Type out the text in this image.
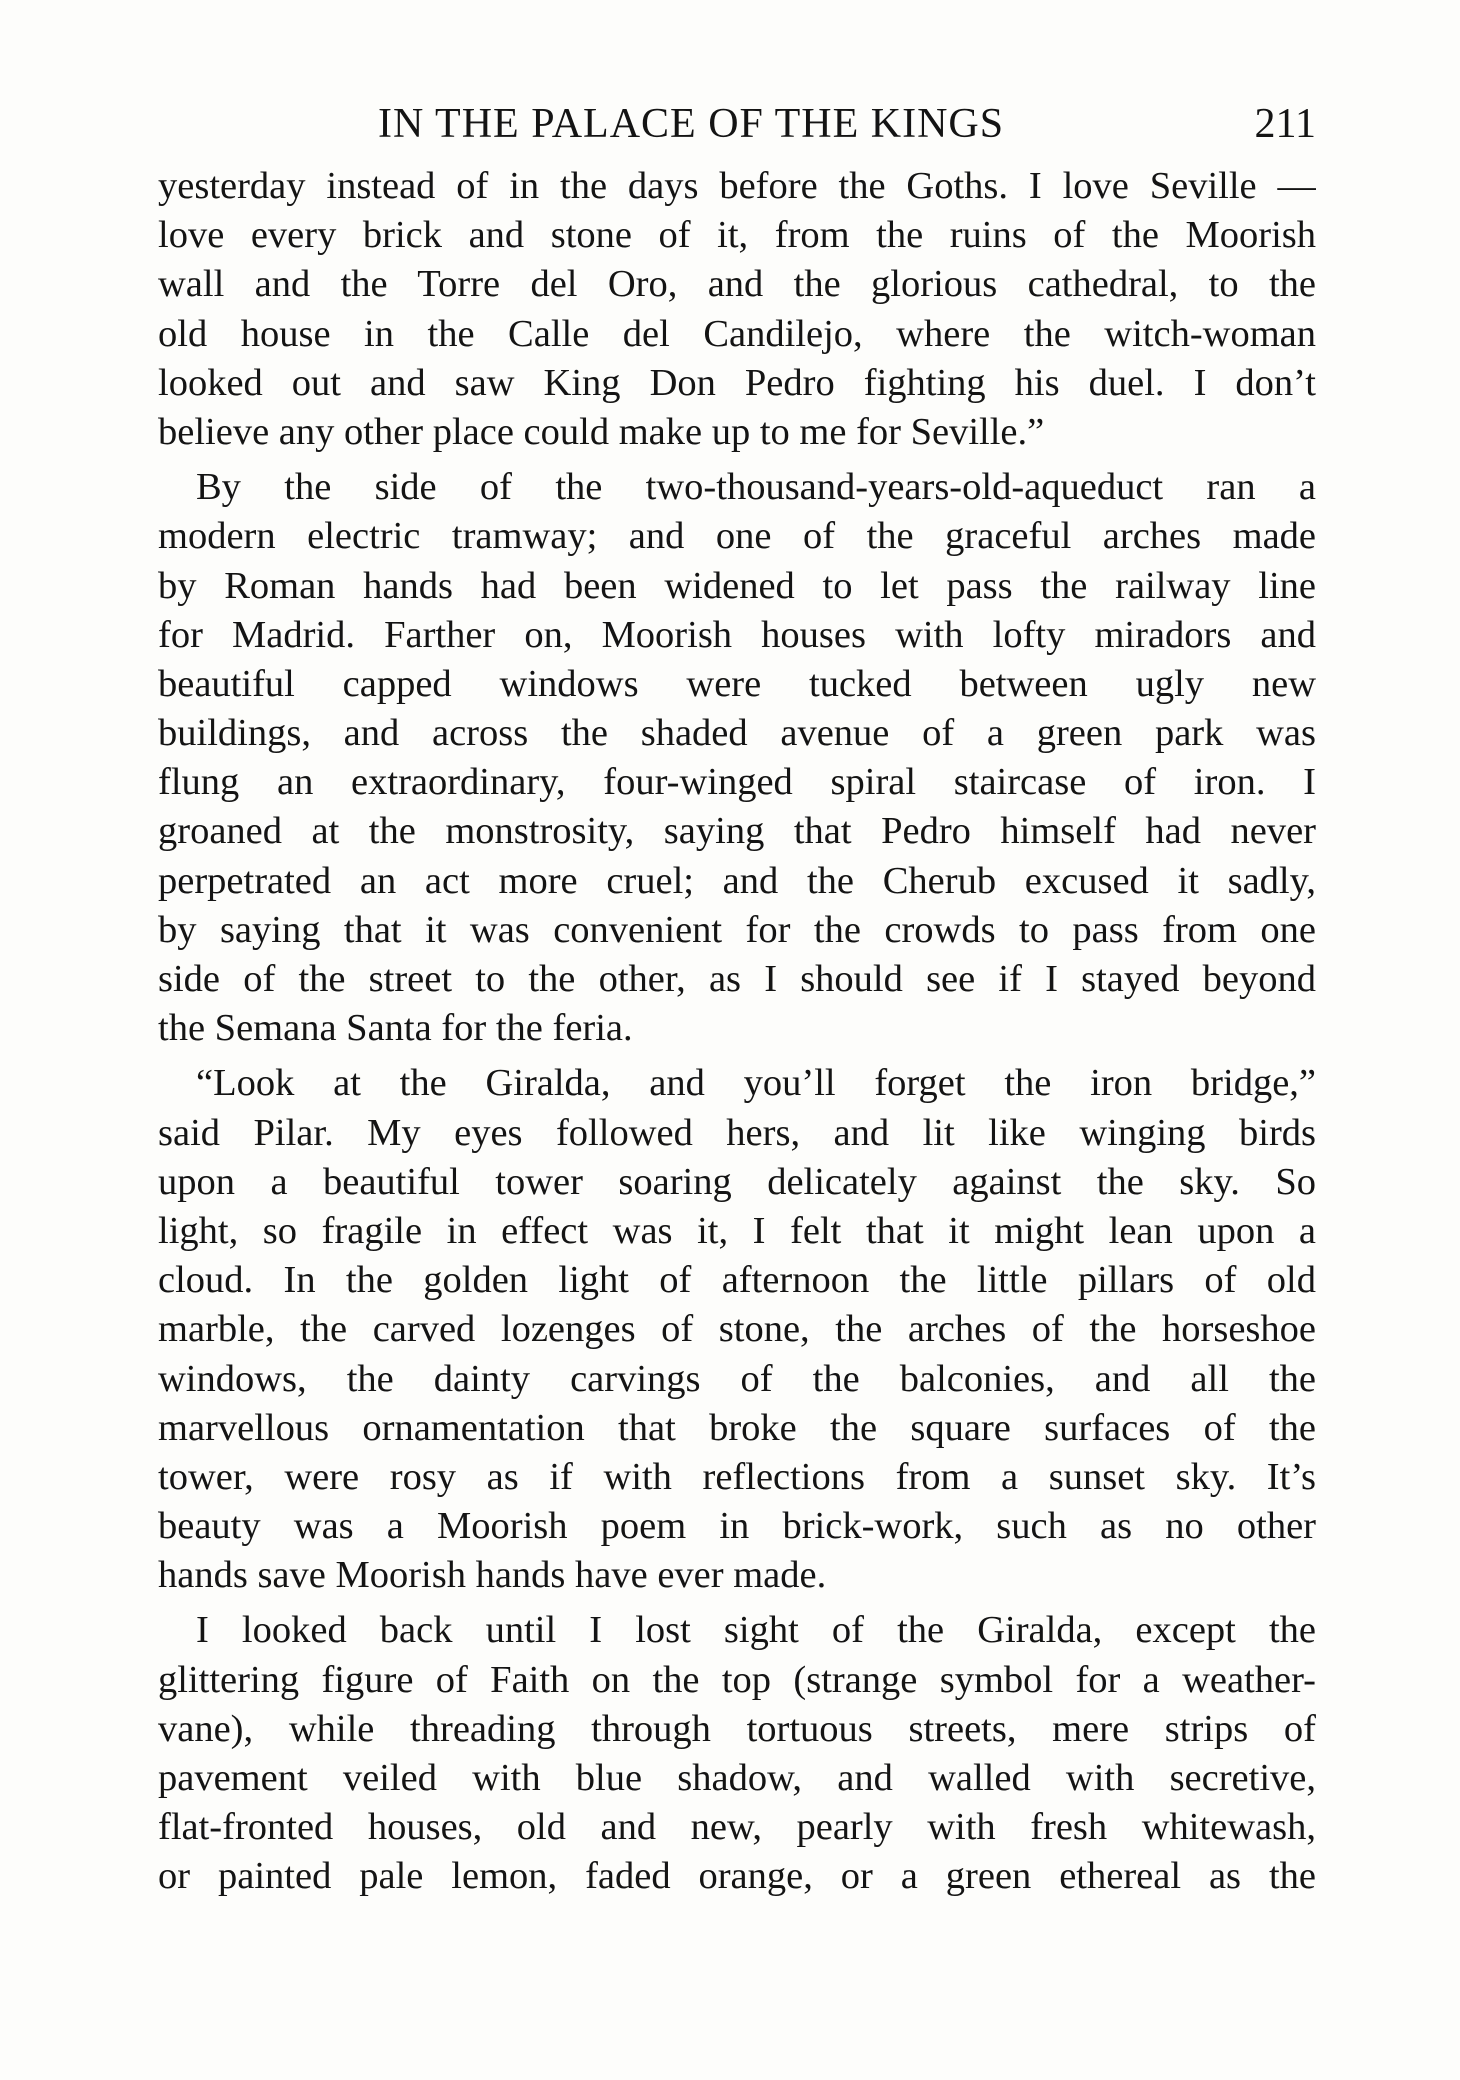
IN THE PALACE OF THE KINGS	211
yesterday instead of in the days before the Goths. I love Seville —
love every brick and stone of it, from the ruins of the Moorish
wall and the Torre del Oro, and the glorious cathedral, to the
old house in the Calle del Candilejo, where the witch-woman
looked out and saw King Don Pedro fighting his duel. I don’t
believe any other place could make up to me for Seville.”
By the side of the two-thousand-years-old-aqueduct ran a
modern electric tramway; and one of the graceful arches made
by Roman hands had been widened to let pass the railway line
for Madrid. Farther on, Moorish houses with lofty miradors and
beautiful capped windows were tucked between ugly new
buildings, and across the shaded avenue of a green park was
flung an extraordinary, four-winged spiral staircase of iron. I
groaned at the monstrosity, saying that Pedro himself had never
perpetrated an act more cruel; and the Cherub excused it sadly,
by saying that it was convenient for the crowds to pass from one
side of the street to the other, as I should see if I stayed beyond
the Semana Santa for the feria.
“Look at the Giralda, and you’ll forget the iron bridge,”
said Pilar. My eyes followed hers, and lit like winging birds
upon a beautiful tower soaring delicately against the sky. So
light, so fragile in effect was it, I felt that it might lean upon a
cloud. In the golden light of afternoon the little pillars of old
marble, the carved lozenges of stone, the arches of the horseshoe
windows, the dainty carvings of the balconies, and all the
marvellous ornamentation that broke the square surfaces of the
tower, were rosy as if with reflections from a sunset sky. It’s
beauty was a Moorish poem in brick-work, such as no other
hands save Moorish hands have ever made.
I looked back until I lost sight of the Giralda, except the
glittering figure of Faith on the top (strange symbol for a weather-
vane), while threading through tortuous streets, mere strips of
pavement veiled with blue shadow, and walled with secretive,
flat-fronted houses, old and new, pearly with fresh whitewash,
or painted pale lemon, faded orange, or a green ethereal as the
